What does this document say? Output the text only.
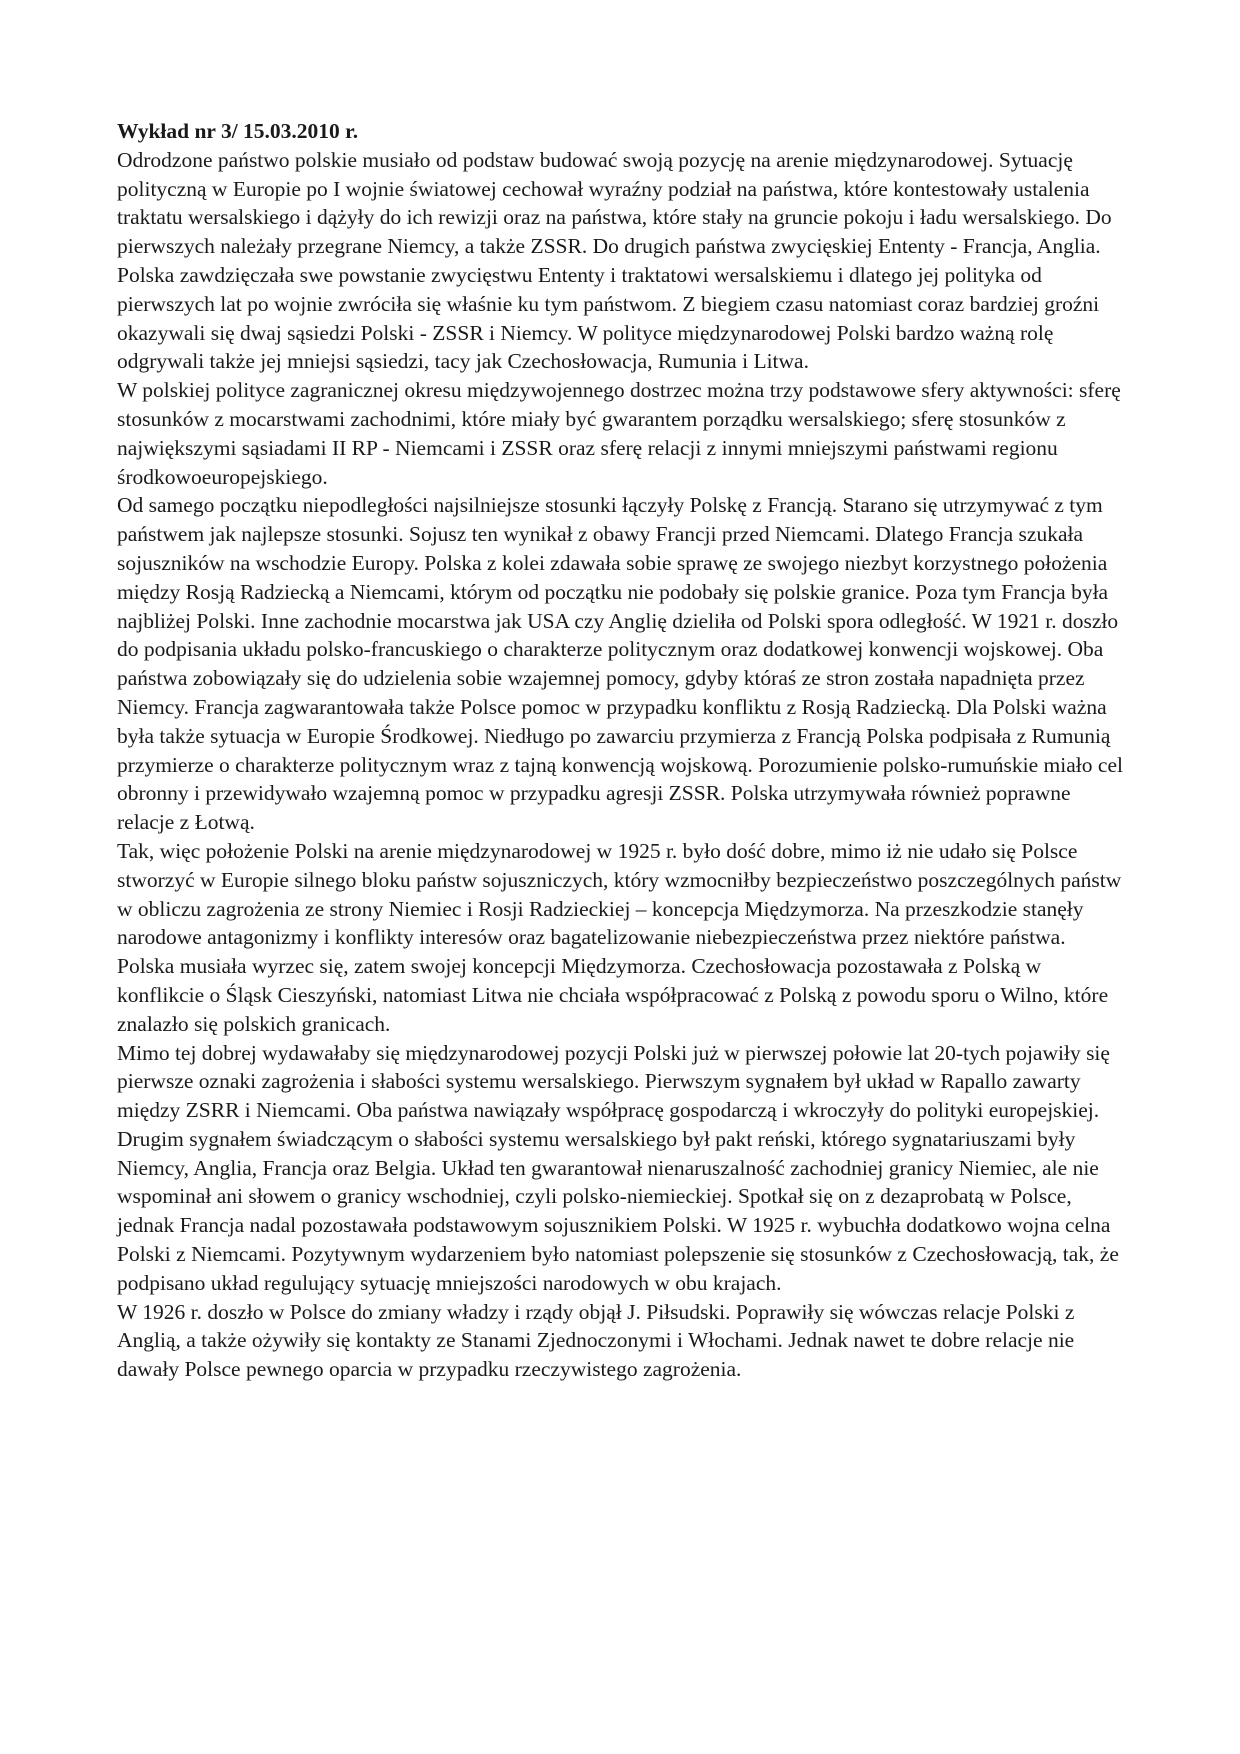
Wykład nr 3/ 15.03.2010 r.

Odrodzone państwo polskie musiało od podstaw budować swoją pozycję na arenie międzynarodowej. Sytuację polityczną w Europie po I wojnie światowej cechował wyraźny podział na państwa, które kontestowały ustalenia traktatu wersalskiego i dążyły do ich rewizji oraz na państwa, które stały na gruncie pokoju i ładu wersalskiego. Do pierwszych należały przegrane Niemcy, a także ZSSR. Do drugich państwa zwycięskiej Ententy - Francja, Anglia. Polska zawdzięczała swe powstanie zwycięstwu Ententy i traktatowi wersalskiemu i dlatego jej polityka od pierwszych lat po wojnie zwróciła się właśnie ku tym państwom. Z biegiem czasu natomiast coraz bardziej groźni okazywali się dwaj sąsiedzi Polski - ZSSR i Niemcy. W polityce międzynarodowej Polski bardzo ważną rolę odgrywali także jej mniejsi sąsiedzi, tacy jak Czechosłowacja, Rumunia i Litwa.

W polskiej polityce zagranicznej okresu międzywojennego dostrzec można trzy podstawowe sfery aktywności: sferę stosunków z mocarstwami zachodnimi, które miały być gwarantem porządku wersalskiego; sferę stosunków z największymi sąsiadami II RP - Niemcami i ZSSR oraz sferę relacji z innymi mniejszymi państwami regionu środkowoeuropejskiego.

Od samego początku niepodległości najsilniejsze stosunki łączyły Polskę z Francją. Starano się utrzymywać z tym państwem jak najlepsze stosunki. Sojusz ten wynikał z obawy Francji przed Niemcami. Dlatego Francja szukała sojuszników na wschodzie Europy. Polska z kolei zdawała sobie sprawę ze swojego niezbyt korzystnego położenia między Rosją Radziecką a Niemcami, którym od początku nie podobały się polskie granice. Poza tym Francja była najbliżej Polski. Inne zachodnie mocarstwa jak USA czy Anglię dzieliła od Polski spora odległość. W 1921 r. doszło do podpisania układu polsko-francuskiego o charakterze politycznym oraz dodatkowej konwencji wojskowej. Oba państwa zobowiązały się do udzielenia sobie wzajemnej pomocy, gdyby któraś ze stron została napadnięta przez Niemcy. Francja zagwarantowała także Polsce pomoc w przypadku konfliktu z Rosją Radziecką. Dla Polski ważna była także sytuacja w Europie Środkowej. Niedługo po zawarciu przymierza z Francją Polska podpisała z Rumunią przymierze o charakterze politycznym wraz z tajną konwencją wojskową. Porozumienie polsko-rumuńskie miało cel obronny i przewidywało wzajemną pomoc w przypadku agresji ZSSR. Polska utrzymywała również poprawne relacje z Łotwą.

Tak, więc położenie Polski na arenie międzynarodowej w 1925 r. było dość dobre, mimo iż nie udało się Polsce stworzyć w Europie silnego bloku państw sojuszniczych, który wzmocniłby bezpieczeństwo poszczególnych państw w obliczu zagrożenia ze strony Niemiec i Rosji Radzieckiej – koncepcja Międzymorza. Na przeszkodzie stanęły narodowe antagonizmy i konflikty interesów oraz bagatelizowanie niebezpieczeństwa przez niektóre państwa. Polska musiała wyrzec się, zatem swojej koncepcji Międzymorza. Czechosłowacja pozostawała z Polską w konflikcie o Śląsk Cieszyński, natomiast Litwa nie chciała współpracować z Polską z powodu sporu o Wilno, które znalazło się polskich granicach.

Mimo tej dobrej wydawałaby się międzynarodowej pozycji Polski już w pierwszej połowie lat 20-tych pojawiły się pierwsze oznaki zagrożenia i słabości systemu wersalskiego. Pierwszym sygnałem był układ w Rapallo zawarty między ZSRR i Niemcami. Oba państwa nawiązały współpracę gospodarczą i wkroczyły do polityki europejskiej. Drugim sygnałem świadczącym o słabości systemu wersalskiego był pakt reński, którego sygnatariuszami były Niemcy, Anglia, Francja oraz Belgia. Układ ten gwarantował nienaruszalność zachodniej granicy Niemiec, ale nie wspominał ani słowem o granicy wschodniej, czyli polsko-niemieckiej. Spotkał się on z dezaprobatą w Polsce, jednak Francja nadal pozostawała podstawowym sojusznikiem Polski. W 1925 r. wybuchła dodatkowo wojna celna Polski z Niemcami. Pozytywnym wydarzeniem było natomiast polepszenie się stosunków z Czechosłowacją, tak, że podpisano układ regulujący sytuację mniejszości narodowych w obu krajach.

W 1926 r. doszło w Polsce do zmiany władzy i rządy objął J. Piłsudski. Poprawiły się wówczas relacje Polski z Anglią, a także ożywiły się kontakty ze Stanami Zjednoczonymi i Włochami. Jednak nawet te dobre relacje nie dawały Polsce pewnego oparcia w przypadku rzeczywistego zagrożenia.
